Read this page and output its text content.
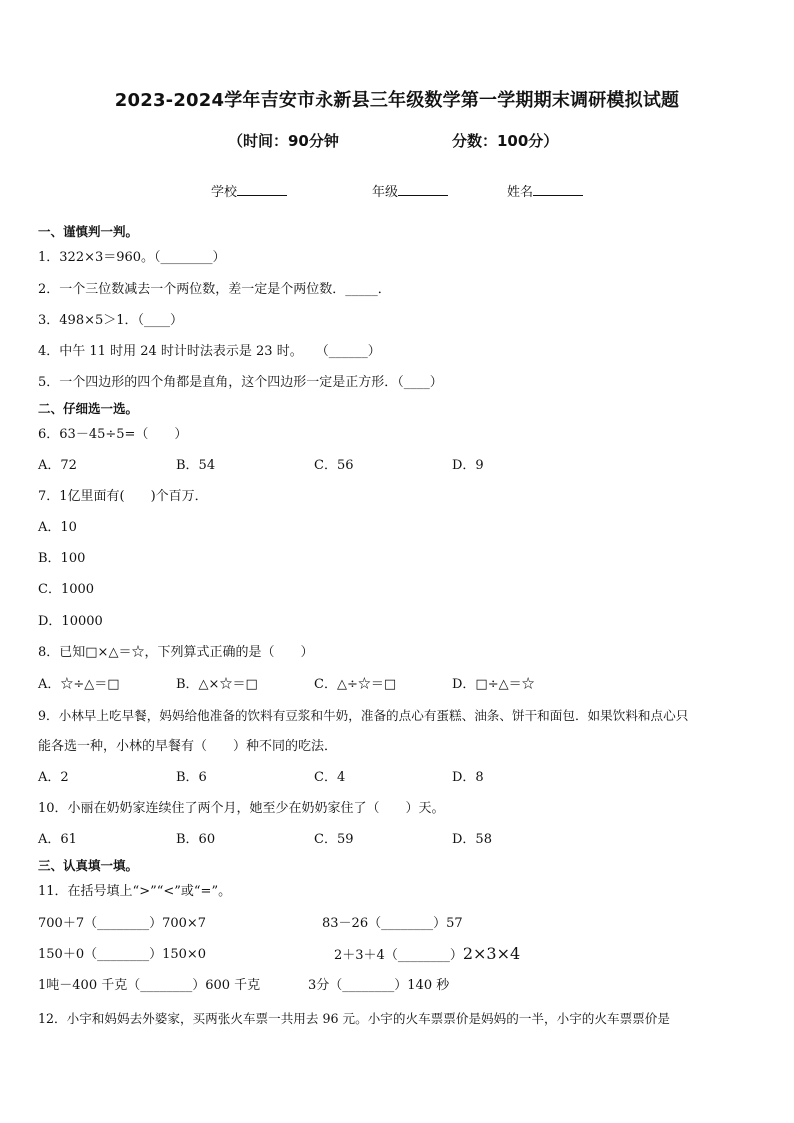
2023-2024学年吉安市永新县三年级数学第一学期期末调研模拟试题
（时间：90分钟	分数：100分）
学校	年级	姓名
一、谨慎判一判。
1．322×3＝960。（________）
2．一个三位数减去一个两位数，差一定是个两位数．_____．
3．498×5＞1．（____）
4．中午 11 时用 24 时计时法表示是 23 时。　　（______）
5．一个四边形的四个角都是直角，这个四边形一定是正方形．（____）
二、仔细选一选。
6．63－45÷5=（　　）
A．72	B．54	C．56	D．9
7．1亿里面有(　　)个百万．
A．10
B．100
C．1000
D．10000
8．已知□×△＝☆，下列算式正确的是（　　）
A．☆÷△＝□	B．△×☆＝□	C．△÷☆＝□	D．□÷△＝☆
9．小林早上吃早餐，妈妈给他准备的饮料有豆浆和牛奶，准备的点心有蛋糕、油条、饼干和面包．如果饮料和点心只
能各选一种，小林的早餐有（　　）种不同的吃法．
A．2	B．6	C．4	D．8
10．小丽在奶奶家连续住了两个月，她至少在奶奶家住了（　　）天。
A．61	B．60	C．59	D．58
三、认真填一填。
11．在括号填上“>”“<”或“=”。
700＋7（________）700×7	83－26（________）57
150＋0（________）150×0	2＋3＋4（________）2×3×4
1吨－400 千克（________）600 千克	3分（________）140 秒
12．小宇和妈妈去外婆家，买两张火车票一共用去 96 元。小宇的火车票票价是妈妈的一半，小宇的火车票票价是
